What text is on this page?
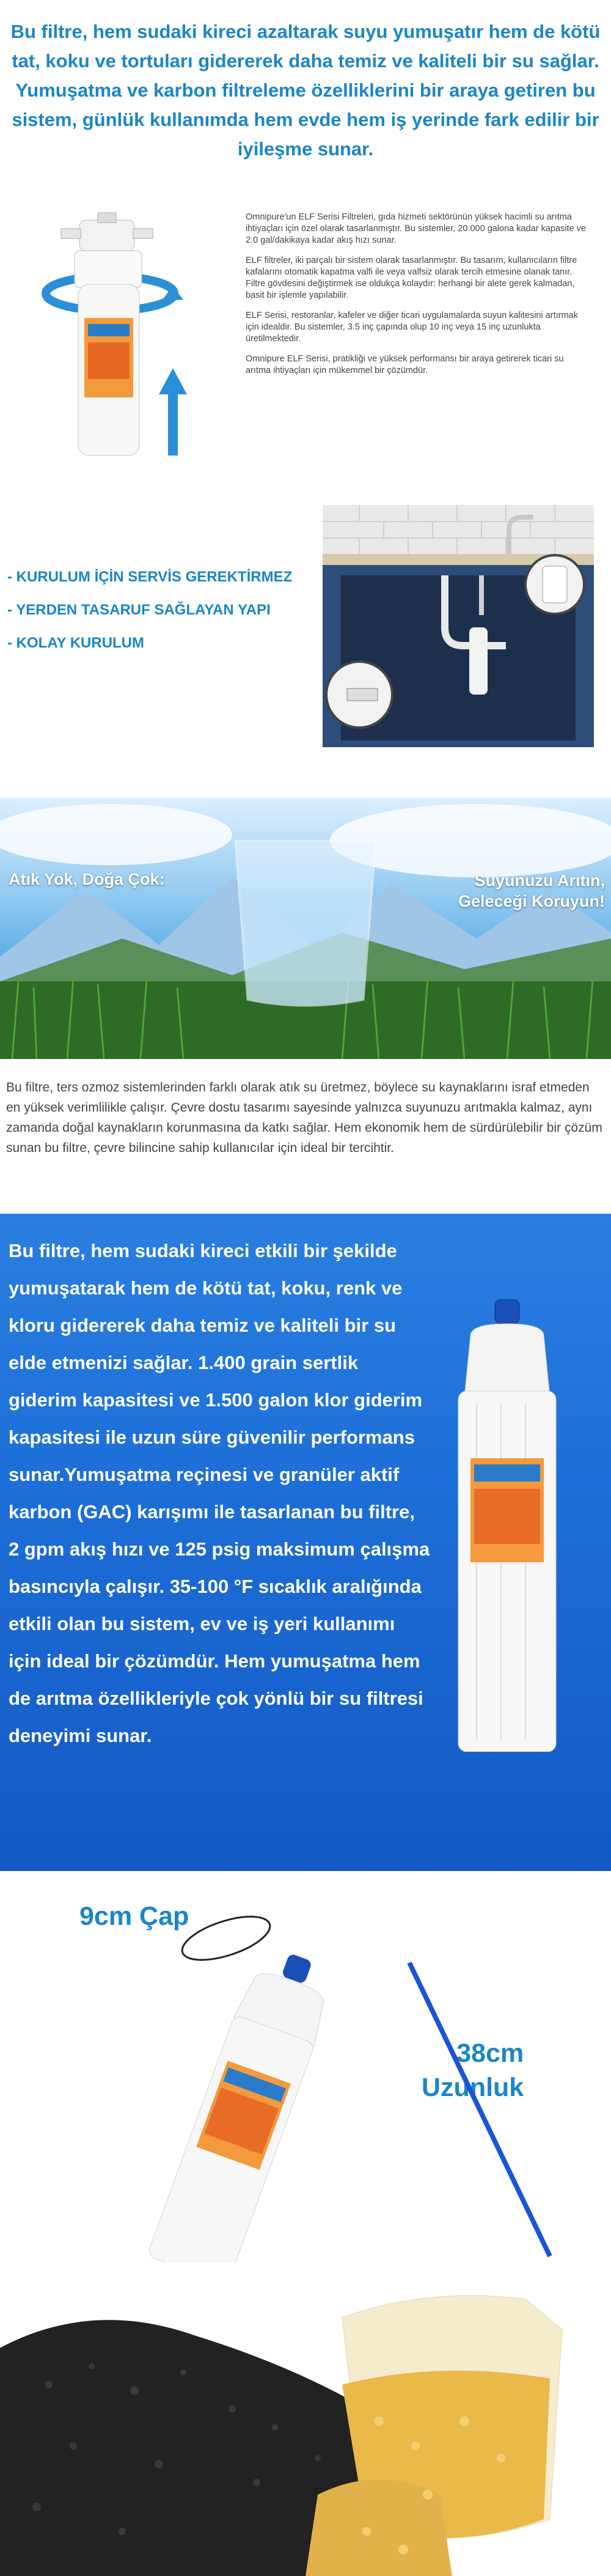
Bu filtre, hem sudaki kireci azaltarak suyu yumuşatır hem de kötü tat, koku ve tortuları gidererek daha temiz ve kaliteli bir su sağlar. Yumuşatma ve karbon filtreleme özelliklerini bir araya getiren bu sistem, günlük kullanımda hem evde hem iş yerinde fark edilir bir iyileşme sunar.

Omnipure'un ELF Serisi Filtreleri, gıda hizmeti sektörünün yüksek hacimli su arıtma ihtiyaçları için özel olarak tasarlanmıştır. Bu sistemler, 20.000 galona kadar kapasite ve 2.0 gal/dakikaya kadar akış hızı sunar.

ELF filtreler, iki parçalı bir sistem olarak tasarlanmıştır. Bu tasarım, kullanıcıların filtre kafalarını otomatik kapatma valfi ile veya valfsiz olarak tercih etmesine olanak tanır. Filtre gövdesini değiştirmek ise oldukça kolaydır: herhangi bir alete gerek kalmadan, basit bir işlemle yapılabilir.

ELF Serisi, restoranlar, kafeler ve diğer ticari uygulamalarda suyun kalitesini artırmak için idealdir. Bu sistemler, 3.5 inç çapında olup 10 inç veya 15 inç uzunlukta üretilmektedir.

Omnipure ELF Serisi, pratikliği ve yüksek performansı bir araya getirerek ticari su arıtma ihtiyaçları için mükemmel bir çözümdür.

- KURULUM İÇİN SERVİS GEREKTİRMEZ
- YERDEN TASARUF SAĞLAYAN YAPI
- KOLAY KURULUM
Atık Yok, Doğa Çok:	Suyunuzu Arıtın,
Geleceği Koruyun!
Bu filtre, ters ozmoz sistemlerinden farklı olarak atık su üretmez, böylece su kaynaklarını israf etmeden en yüksek verimlilikle çalışır. Çevre dostu tasarımı sayesinde yalnızca suyunuzu arıtmakla kalmaz, aynı zamanda doğal kaynakların korunmasına da katkı sağlar. Hem ekonomik hem de sürdürülebilir bir çözüm sunan bu filtre, çevre bilincine sahip kullanıcılar için ideal bir tercihtir.
Bu filtre, hem sudaki kireci etkili bir şekilde yumuşatarak hem de kötü tat, koku, renk ve kloru gidererek daha temiz ve kaliteli bir su elde etmenizi sağlar. 1.400 grain sertlik giderim kapasitesi ve 1.500 galon klor giderim kapasitesi ile uzun süre güvenilir performans sunar.Yumuşatma reçinesi ve granüler aktif karbon (GAC) karışımı ile tasarlanan bu filtre, 2 gpm akış hızı ve 125 psig maksimum çalışma basıncıyla çalışır. 35-100 °F sıcaklık aralığında etkili olan bu sistem, ev ve iş yeri kullanımı için ideal bir çözümdür. Hem yumuşatma hem de arıtma özellikleriyle çok yönlü bir su filtresi deneyimi sunar.
9cm Çap
38cm
Uzunluk
